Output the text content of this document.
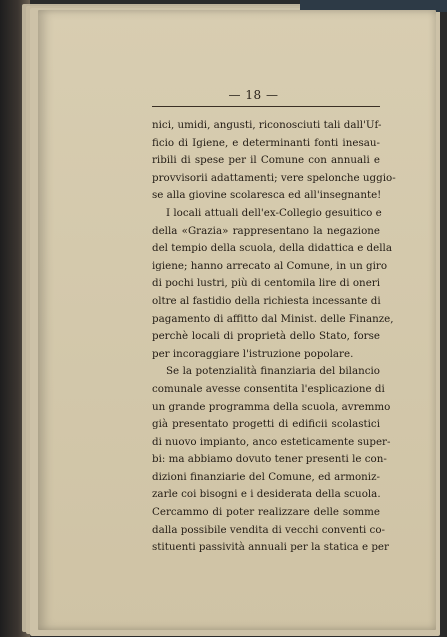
— 18 —
nici, umidi, angusti, riconosciuti tali dall'Uf-
ficio di Igiene, e determinanti fonti inesau-
ribili di spese per il Comune con annuali e
provvisorii adattamenti; vere spelonche uggio-
se alla giovine scolaresca ed all'insegnante!
I locali attuali dell'ex-Collegio gesuitico e
della «Grazia» rappresentano la negazione
del tempio della scuola, della didattica e della
igiene; hanno arrecato al Comune, in un giro
di pochi lustri, più di centomila lire di oneri
oltre al fastidio della richiesta incessante di
pagamento di affitto dal Minist. delle Finanze,
perchè locali di proprietà dello Stato, forse
per incoraggiare l'istruzione popolare.
Se la potenzialità finanziaria del bilancio
comunale avesse consentita l'esplicazione di
un grande programma della scuola, avremmo
già presentato progetti di edificii scolastici
di nuovo impianto, anco esteticamente super-
bi: ma abbiamo dovuto tener presenti le con-
dizioni finanziarie del Comune, ed armoniz-
zarle coi bisogni e i desiderata della scuola.
Cercammo di poter realizzare delle somme
dalla possibile vendita di vecchi conventi co-
stituenti passività annuali per la statica e per
